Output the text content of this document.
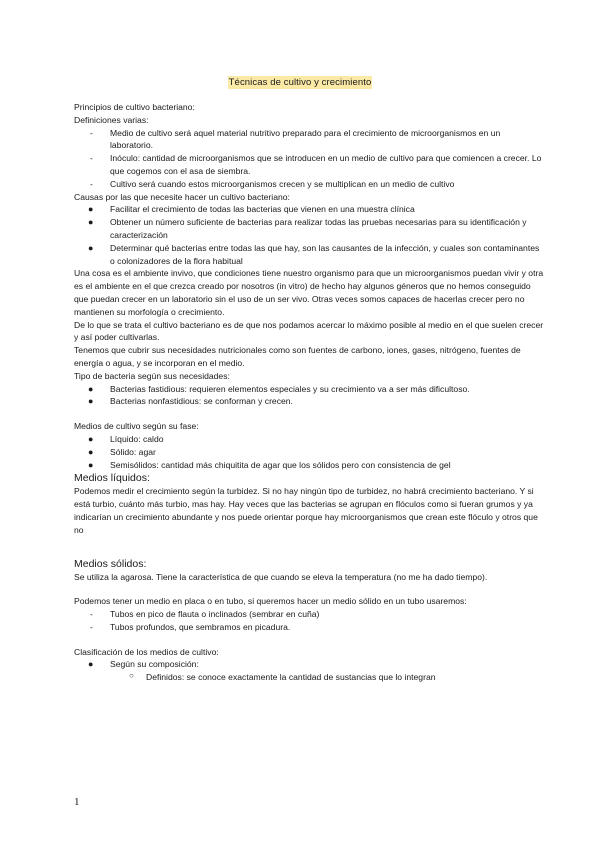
Técnicas de cultivo y crecimiento

Principios de cultivo bacteriano:

Definiciones varias:

- Medio de cultivo será aquel material nutritivo preparado para el crecimiento de microorganismos en un laboratorio.
- Inóculo: cantidad de microorganismos que se introducen en un medio de cultivo para que comiencen a crecer. Lo que cogemos con el asa de siembra.
- Cultivo será cuando estos microorganismos crecen y se multiplican en un medio de cultivo

Causas por las que necesite hacer un cultivo bacteriano:

● Facilitar el crecimiento de todas las bacterias que vienen en una muestra clínica
● Obtener un número suficiente de bacterias para realizar todas las pruebas necesarias para su identificación y caracterización
● Determinar qué bacterias entre todas las que hay, son las causantes de la infección, y cuales son contaminantes o colonizadores de la flora habitual

Una cosa es el ambiente invivo, que condiciones tiene nuestro organismo para que un microorganismos puedan vivir y otra es el ambiente en el que crezca creado por nosotros (in vitro) de hecho hay algunos géneros que no hemos conseguido que puedan crecer en un laboratorio sin el uso de un ser vivo. Otras veces somos capaces de hacerlas crecer pero no mantienen su morfología o crecimiento.

De lo que se trata el cultivo bacteriano es de que nos podamos acercar lo máximo posible al medio en el que suelen crecer y así poder cultivarlas.

Tenemos que cubrir sus necesidades nutricionales como son fuentes de carbono, iones, gases, nitrógeno, fuentes de energía o agua, y se incorporan en el medio.

Tipo de bacteria según sus necesidades:

● Bacterias fastidious: requieren elementos especiales y su crecimiento va a ser más dificultoso.
● Bacterias nonfastidious: se conforman y crecen.

Medios de cultivo según su fase:

● Líquido: caldo
● Sólido: agar
● Semisólidos: cantidad más chiquitita de agar que los sólidos pero con consistencia de gel

Medios líquidos:

Podemos medir el crecimiento según la turbidez. Si no hay ningún tipo de turbidez, no habrá crecimiento bacteriano. Y si está turbio, cuánto más turbio, mas hay. Hay veces que las bacterias se agrupan en flóculos como si fueran grumos y ya indicarían un crecimiento abundante y nos puede orientar porque hay microorganismos que crean este flóculo y otros que no

Medios sólidos:

Se utiliza la agarosa. Tiene la característica de que cuando se eleva la temperatura (no me ha dado tiempo).

Podemos tener un medio en placa o en tubo, si queremos hacer un medio sólido en un tubo usaremos:

- Tubos en pico de flauta o inclinados (sembrar en cuña)
- Tubos profundos, que sembramos en picadura.

Clasificación de los medios de cultivo:

● Según su composición:
○ Definidos: se conoce exactamente la cantidad de sustancias que lo integran
1
